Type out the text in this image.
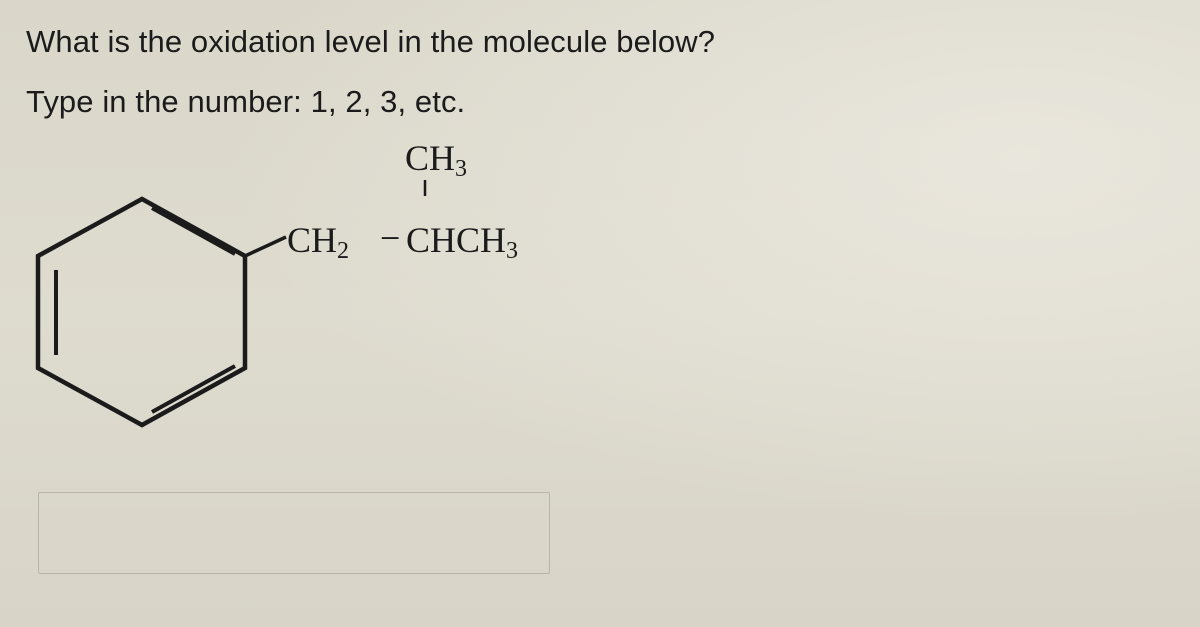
What is the oxidation level in the molecule below?

Type in the number: 1, 2, 3, etc.

CH3
CH2 − CHCH3
